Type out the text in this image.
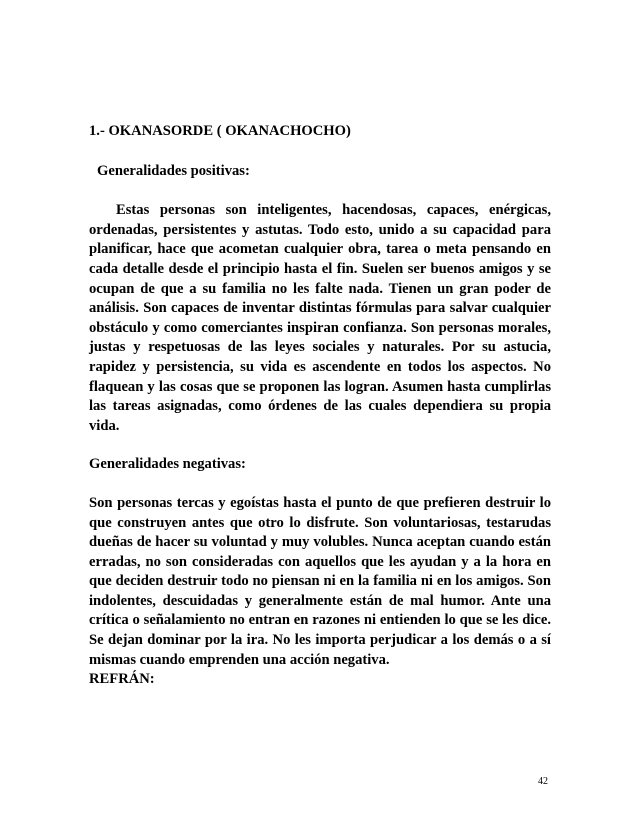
1.- OKANASORDE ( OKANACHOCHO)

Generalidades positivas:

Estas personas son inteligentes, hacendosas, capaces, enérgicas, ordenadas, persistentes y astutas. Todo esto, unido a su capacidad para planificar, hace que acometan cualquier obra, tarea o meta pensando en cada detalle desde el principio hasta el fin. Suelen ser buenos amigos y se ocupan de que a su familia no les falte nada. Tienen un gran poder de análisis. Son capaces de inventar distintas fórmulas para salvar cualquier obstáculo y como comerciantes inspiran confianza. Son personas morales, justas y respetuosas de las leyes sociales y naturales. Por su astucia, rapidez y persistencia, su vida es ascendente en todos los aspectos. No flaquean y las cosas que se proponen las logran. Asumen hasta cumplirlas las tareas asignadas, como órdenes de las cuales dependiera su propia vida.

Generalidades negativas:

Son personas tercas y egoístas hasta el punto de que prefieren destruir lo que construyen antes que otro lo disfrute. Son voluntariosas, testarudas dueñas de hacer su voluntad y muy volubles. Nunca aceptan cuando están erradas, no son consideradas con aquellos que les ayudan y a la hora en que deciden destruir todo no piensan ni en la familia ni en los amigos. Son indolentes, descuidadas y generalmente están de mal humor. Ante una crítica o señalamiento no entran en razones ni entienden lo que se les dice. Se dejan dominar por la ira. No les importa perjudicar a los demás o a sí mismas cuando emprenden una acción negativa.

REFRÁN:

42
